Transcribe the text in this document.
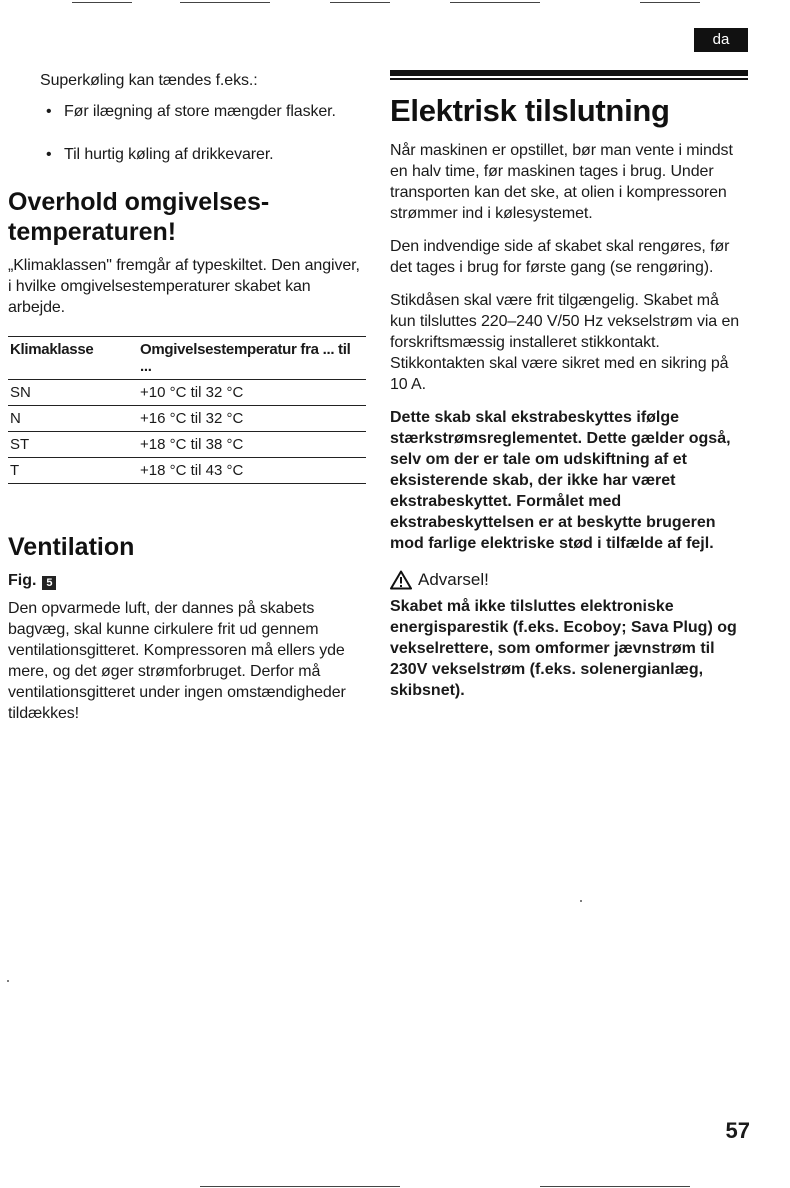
da

Superkøling kan tændes f.eks.:

• Før ilægning af store mængder flasker.
• Til hurtig køling af drikkevarer.
Overhold omgivelses-
temperaturen!

„Klimaklassen" fremgår af typeskiltet. Den angiver, i hvilke omgivelsestemperaturer skabet kan arbejde.

Klimaklasse	Omgivelsestemperatur fra ... til ...
SN	+10 °C til 32 °C
N	+16 °C til 32 °C
ST	+18 °C til 38 °C
T	+18 °C til 43 °C
Ventilation
Fig. 5

Den opvarmede luft, der dannes på skabets bagvæg, skal kunne cirkulere frit ud gennem ventilationsgitteret. Kompressoren må ellers yde mere, og det øger strømforbruget. Derfor må ventilationsgitteret under ingen omstændigheder tildækkes!

Elektrisk tilslutning

Når maskinen er opstillet, bør man vente i mindst en halv time, før maskinen tages i brug. Under transporten kan det ske, at olien i kompressoren strømmer ind i kølesystemet.

Den indvendige side af skabet skal rengøres, før det tages i brug for første gang (se rengøring).

Stikdåsen skal være frit tilgængelig. Skabet må kun tilsluttes 220–240 V/50 Hz vekselstrøm via en forskriftsmæssig installeret stikkontakt. Stikkontakten skal være sikret med en sikring på 10 A.

Dette skab skal ekstrabeskyttes ifølge stærkstrømsreglementet. Dette gælder også, selv om der er tale om udskiftning af et eksisterende skab, der ikke har været ekstrabeskyttet. Formålet med ekstrabeskyttelsen er at beskytte brugeren mod farlige elektriske stød i tilfælde af fejl.

Advarsel!

Skabet må ikke tilsluttes elektroniske energisparestik (f.eks. Ecoboy; Sava Plug) og vekselrettere, som omformer jævnstrøm til 230V vekselstrøm (f.eks. solenergianlæg, skibsnet).

57
